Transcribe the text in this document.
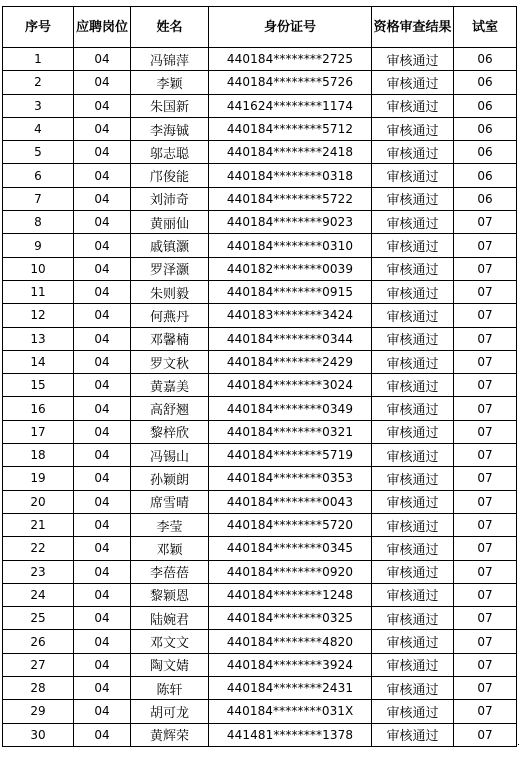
序号	应聘岗位	姓名	身份证号	资格审查结果	试室
1	04	冯锦萍	440184********2725	审核通过	06
2	04	李颖	440184********5726	审核通过	06
3	04	朱国新	441624********1174	审核通过	06
4	04	李海铖	440184********5712	审核通过	06
5	04	邬志聪	440184********2418	审核通过	06
6	04	邝俊能	440184********0318	审核通过	06
7	04	刘沛奇	440184********5722	审核通过	06
8	04	黄丽仙	440184********9023	审核通过	07
9	04	戚镇灏	440184********0310	审核通过	07
10	04	罗泽灏	440182********0039	审核通过	07
11	04	朱则毅	440184********0915	审核通过	07
12	04	何燕丹	440183********3424	审核通过	07
13	04	邓馨楠	440184********0344	审核通过	07
14	04	罗文秋	440184********2429	审核通过	07
15	04	黄嘉美	440184********3024	审核通过	07
16	04	高舒翘	440184********0349	审核通过	07
17	04	黎梓欣	440184********0321	审核通过	07
18	04	冯锡山	440184********5719	审核通过	07
19	04	孙颖朗	440184********0353	审核通过	07
20	04	席雪晴	440184********0043	审核通过	07
21	04	李莹	440184********5720	审核通过	07
22	04	邓颖	440184********0345	审核通过	07
23	04	李蓓蓓	440184********0920	审核通过	07
24	04	黎颖恩	440184********1248	审核通过	07
25	04	陆婉君	440184********0325	审核通过	07
26	04	邓文文	440184********4820	审核通过	07
27	04	陶文婧	440184********3924	审核通过	07
28	04	陈轩	440184********2431	审核通过	07
29	04	胡可龙	440184********031X	审核通过	07
30	04	黄辉荣	441481********1378	审核通过	07
